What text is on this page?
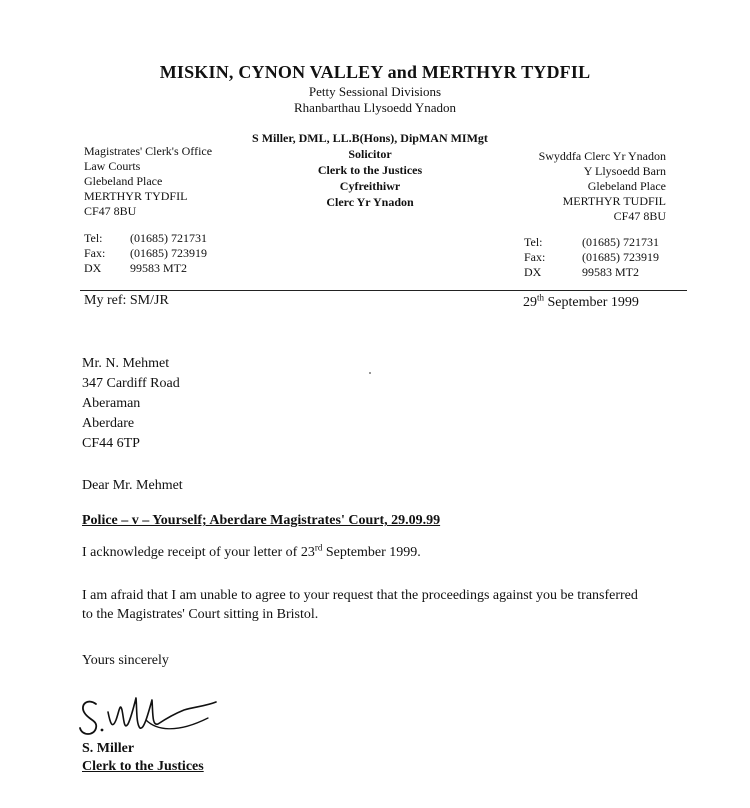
MISKIN, CYNON VALLEY and MERTHYR TYDFIL
Petty Sessional Divisions
Rhanbarthau Llysoedd Ynadon
S Miller, DML, LL.B(Hons), DipMAN MIMgt
Solicitor
Clerk to the Justices
Cyfreithiwr
Clerc Yr Ynadon
Magistrates' Clerk's Office
Law Courts
Glebeland Place
MERTHYR TYDFIL
CF47 8BU
Swyddfa Clerc Yr Ynadon
Y Llysoedd Barn
Glebeland Place
MERTHYR TUDFIL
CF47 8BU
Tel: (01685) 721731
Fax: (01685) 723919
DX 99583 MT2
Tel:	(01685) 721731
Fax:	(01685) 723919
DX	99583 MT2
My ref: SM/JR	29th September 1999
Mr. N. Mehmet
347 Cardiff Road
Aberaman
Aberdare
CF44 6TP
Dear Mr. Mehmet
Police – v – Yourself; Aberdare Magistrates' Court, 29.09.99
I acknowledge receipt of your letter of 23rd September 1999.
I am afraid that I am unable to agree to your request that the proceedings against you be transferred to the Magistrates' Court sitting in Bristol.
Yours sincerely
S. Miller
Clerk to the Justices
